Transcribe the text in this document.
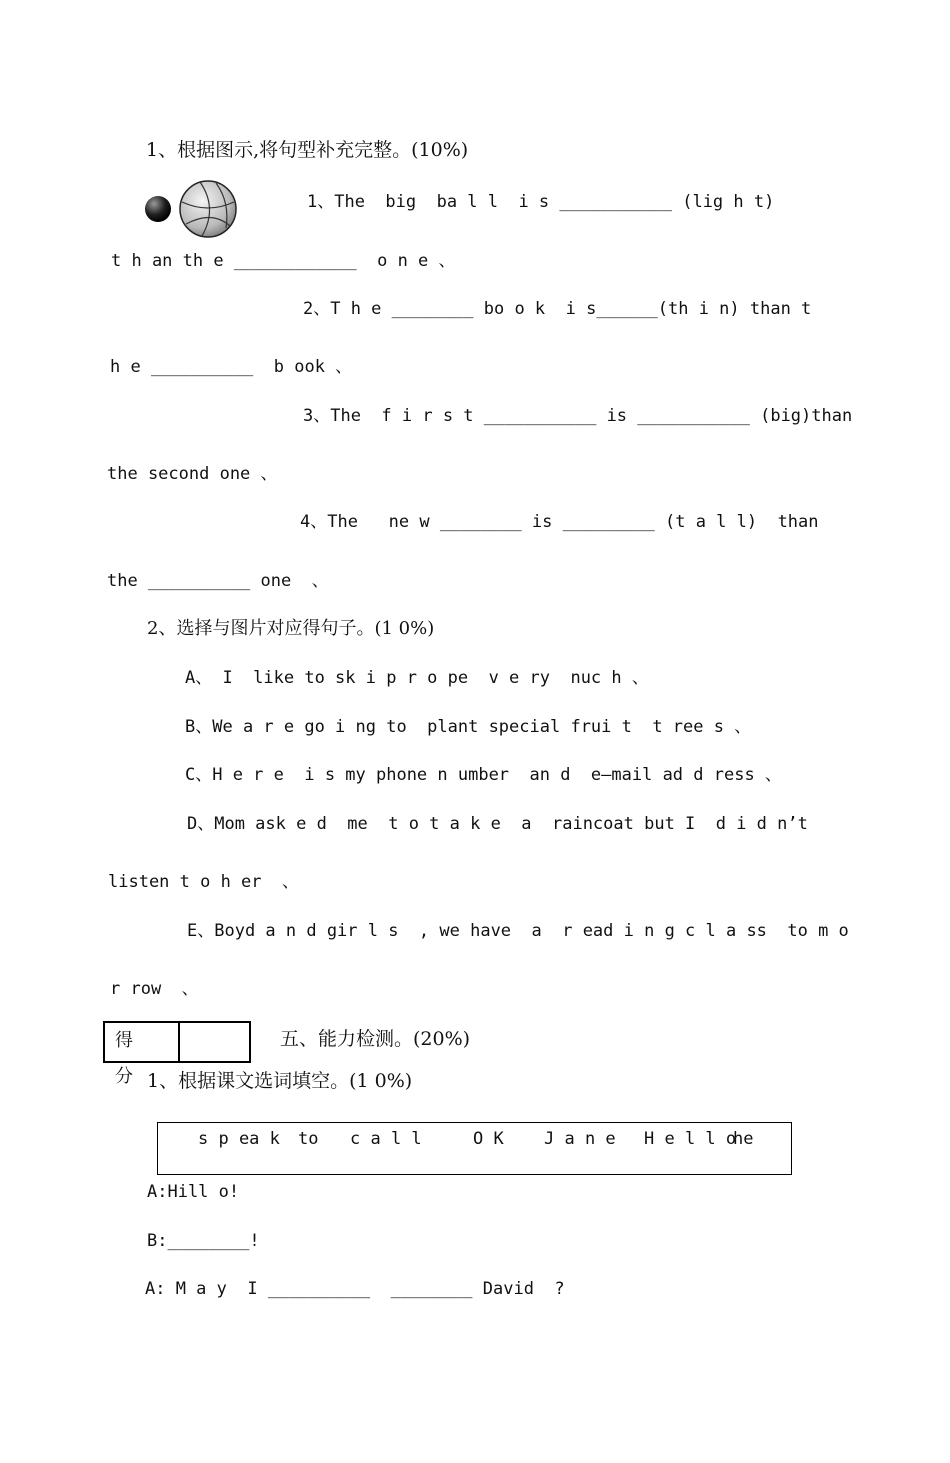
1、根据图示,将句型补充完整。(10%)
1、The  big  ba l l  i s ___________ (lig h t)
t h an th e ____________  o n e 、
2、T h e ________ bo o k  i s______(th i n) than t
h e __________  b ook 、
3、The  f i r s t ___________ is ___________ (big)than
the second one 、
4、The   ne w ________ is _________ (t a l l)  than
the __________ one  、
2、选择与图片对应得句子。(1 0%)
A、 I  like to sk i p r o pe  v e ry  nuc h 、
B、We a r e go i ng to  plant special frui t  t ree s 、
C、H e r e  i s my phone n umber  an d  e—mail ad d ress 、
D、Mom ask e d  me  t o t a k e  a  raincoat but I  d i d n’t
listen t o h er  、
E、Boyd a n d gir l s  , we have  a  r ead i n g c l a ss  to m o
r row  、
得 分
五、能力检测。(20%)
1、根据课文选词填空。(1 0%)
s p ea k to c a l l	O K J a n e H e l l o
he
A:Hill o!
B:________!
A: M a y  I __________  ________ David  ?
